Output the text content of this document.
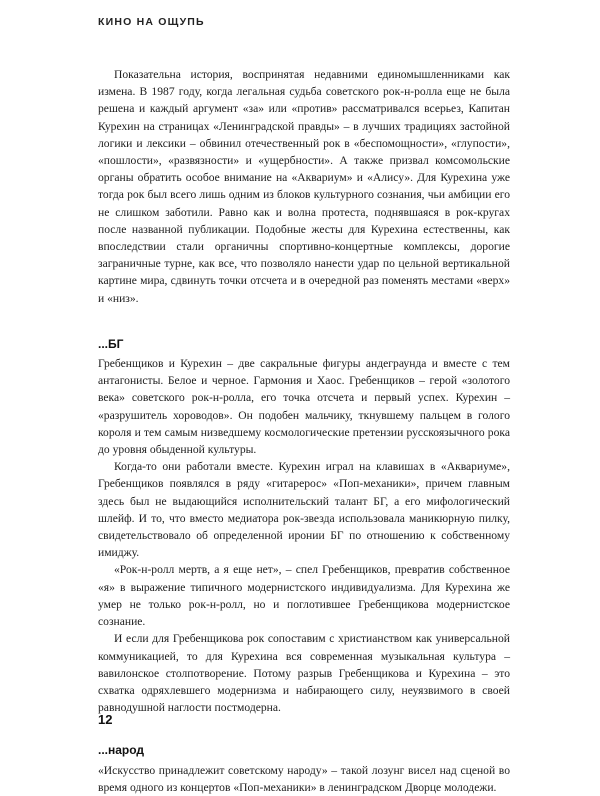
КИНО НА ОЩУПЬ

Показательна история, воспринятая недавними единомышленниками как измена. В 1987 году, когда легальная судьба советского рок-н-ролла еще не была решена и каждый аргумент «за» или «против» рассматривался всерьез, Капитан Курехин на страницах «Ленинградской правды» – в лучших традициях застойной логики и лексики – обвинил отечественный рок в «беспомощности», «глупости», «пошлости», «развязности» и «ущербности». А также призвал комсомольские органы обратить особое внимание на «Аквариум» и «Алису». Для Курехина уже тогда рок был всего лишь одним из блоков культурного сознания, чьи амбиции его не слишком заботили. Равно как и волна протеста, поднявшаяся в рок-кругах после названной публикации. Подобные жесты для Курехина естественны, как впоследствии стали органичны спортивно-концертные комплексы, дорогие заграничные турне, как все, что позволяло нанести удар по цельной вертикальной картине мира, сдвинуть точки отсчета и в очередной раз поменять местами «верх» и «низ».

...БГ

Гребенщиков и Курехин – две сакральные фигуры андеграунда и вместе с тем антагонисты. Белое и черное. Гармония и Хаос. Гребенщиков – герой «золотого века» советского рок-н-ролла, его точка отсчета и первый успех. Курехин – «разрушитель хороводов». Он подобен мальчику, ткнувшему пальцем в голого короля и тем самым низведшему космологические претензии русскоязычного рока до уровня обыденной культуры.

Когда-то они работали вместе. Курехин играл на клавишах в «Аквариуме», Гребенщиков появлялся в ряду «гитарерос» «Поп-механики», причем главным здесь был не выдающийся исполнительский талант БГ, а его мифологический шлейф. И то, что вместо медиатора рок-звезда использовала маникюрную пилку, свидетельствовало об определенной иронии БГ по отношению к собственному имиджу.

«Рок-н-ролл мертв, а я еще нет», – спел Гребенщиков, превратив собственное «я» в выражение типичного модернистского индивидуализма. Для Курехина же умер не только рок-н-ролл, но и поглотившее Гребенщикова модернистское сознание.

И если для Гребенщикова рок сопоставим с христианством как универсальной коммуникацией, то для Курехина вся современная музыкальная культура – вавилонское столпотворение. Потому разрыв Гребенщикова и Курехина – это схватка одряхлевшего модернизма и набирающего силу, неуязвимого в своей равнодушной наглости постмодерна.

...народ

«Искусство принадлежит советскому народу» – такой лозунг висел над сценой во время одного из концертов «Поп-механики» в ленинградском Дворце молодежи.

12
